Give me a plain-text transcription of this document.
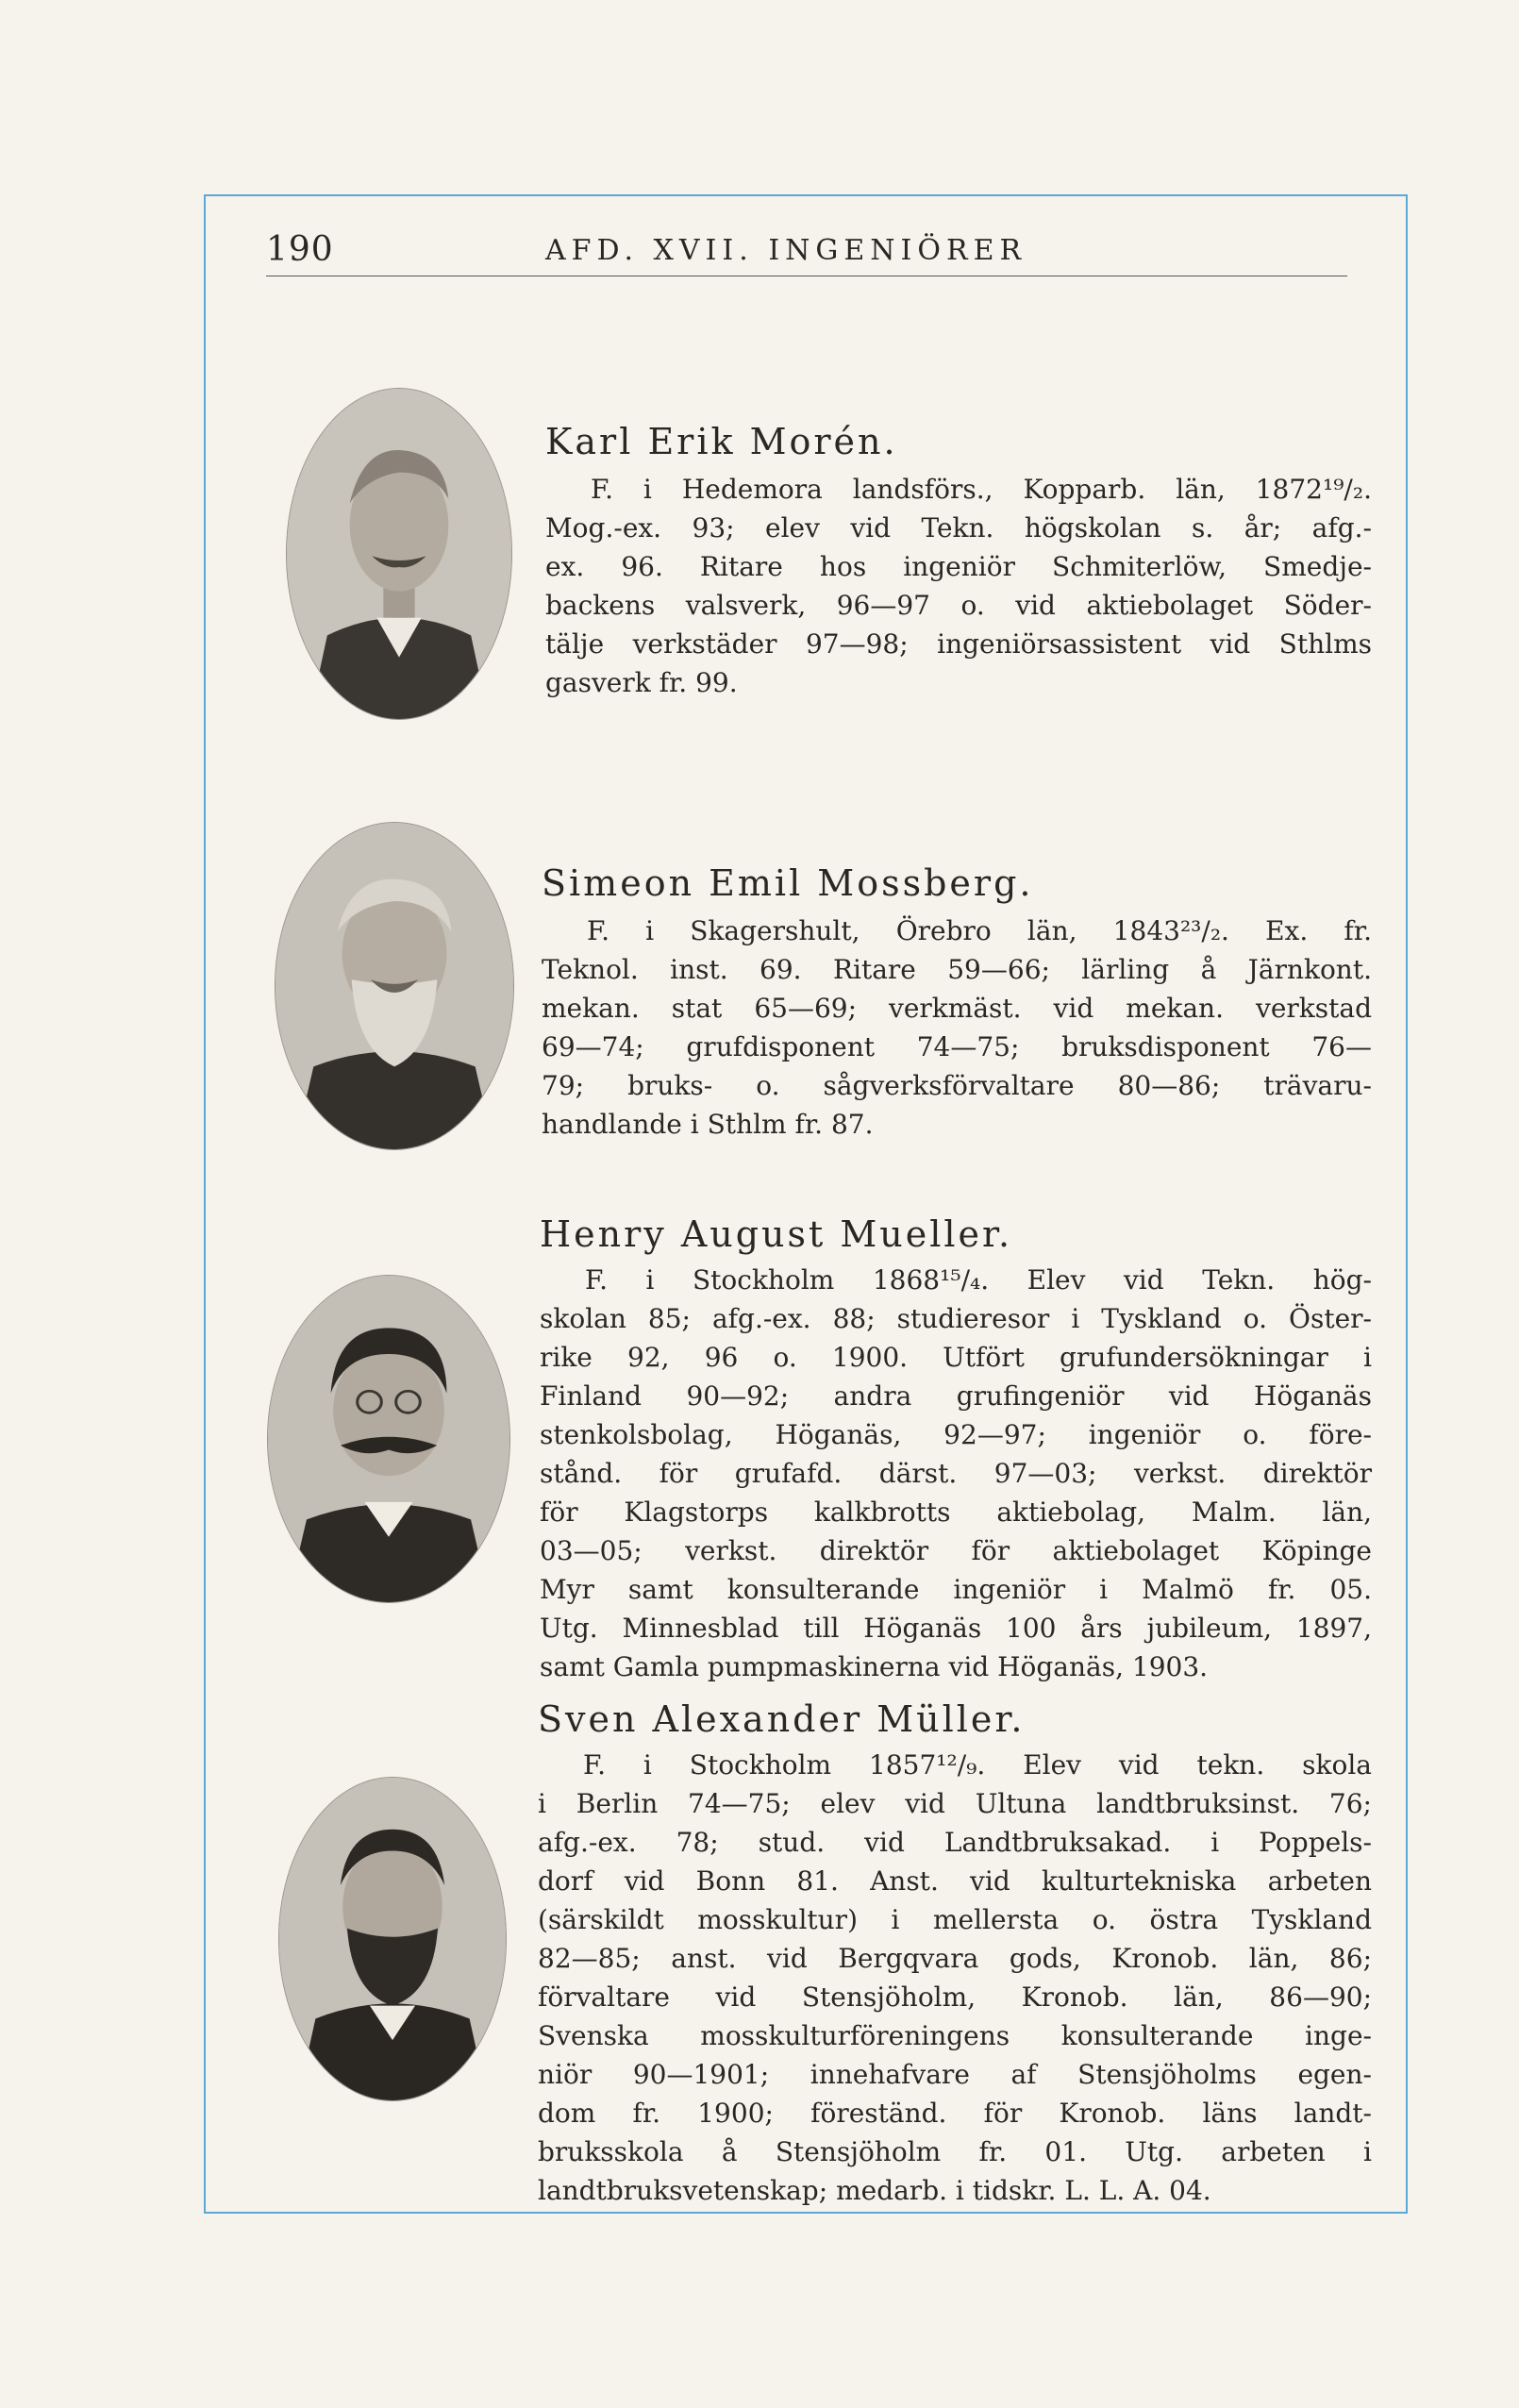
190	AFD. XVII. INGENIÖRER
Karl Erik Morén.
F. i Hedemora landsförs., Kopparb. län, 1872¹⁹/₂.
Mog.-ex. 93; elev vid Tekn. högskolan s. år; afg.-
ex. 96. Ritare hos ingeniör Schmiterlöw, Smedje-
backens valsverk, 96—97 o. vid aktiebolaget Söder-
tälje verkstäder 97—98; ingeniörsassistent vid Sthlms
gasverk fr. 99.
Simeon Emil Mossberg.
F. i Skagershult, Örebro län, 1843²³/₂. Ex. fr.
Teknol. inst. 69. Ritare 59—66; lärling å Järnkont.
mekan. stat 65—69; verkmäst. vid mekan. verkstad
69—74; grufdisponent 74—75; bruksdisponent 76—
79; bruks- o. sågverksförvaltare 80—86; trävaru-
handlande i Sthlm fr. 87.
Henry August Mueller.
F. i Stockholm 1868¹⁵/₄. Elev vid Tekn. hög-
skolan 85; afg.-ex. 88; studieresor i Tyskland o. Öster-
rike 92, 96 o. 1900. Utfört grufundersökningar i
Finland 90—92; andra grufingeniör vid Höganäs
stenkolsbolag, Höganäs, 92—97; ingeniör o. före-
stånd. för grufafd. därst. 97—03; verkst. direktör
för Klagstorps kalkbrotts aktiebolag, Malm. län,
03—05; verkst. direktör för aktiebolaget Köpinge
Myr samt konsulterande ingeniör i Malmö fr. 05.
Utg. Minnesblad till Höganäs 100 års jubileum, 1897,
samt Gamla pumpmaskinerna vid Höganäs, 1903.
Sven Alexander Müller.
F. i Stockholm 1857¹²/₉. Elev vid tekn. skola
i Berlin 74—75; elev vid Ultuna landtbruksinst. 76;
afg.-ex. 78; stud. vid Landtbruksakad. i Poppels-
dorf vid Bonn 81. Anst. vid kulturtekniska arbeten
(särskildt mosskultur) i mellersta o. östra Tyskland
82—85; anst. vid Bergqvara gods, Kronob. län, 86;
förvaltare vid Stensjöholm, Kronob. län, 86—90;
Svenska mosskulturföreningens konsulterande inge-
niör 90—1901; innehafvare af Stensjöholms egen-
dom fr. 1900; föreständ. för Kronob. läns landt-
bruksskola å Stensjöholm fr. 01. Utg. arbeten i
landtbruksvetenskap; medarb. i tidskr. L. L. A. 04.
